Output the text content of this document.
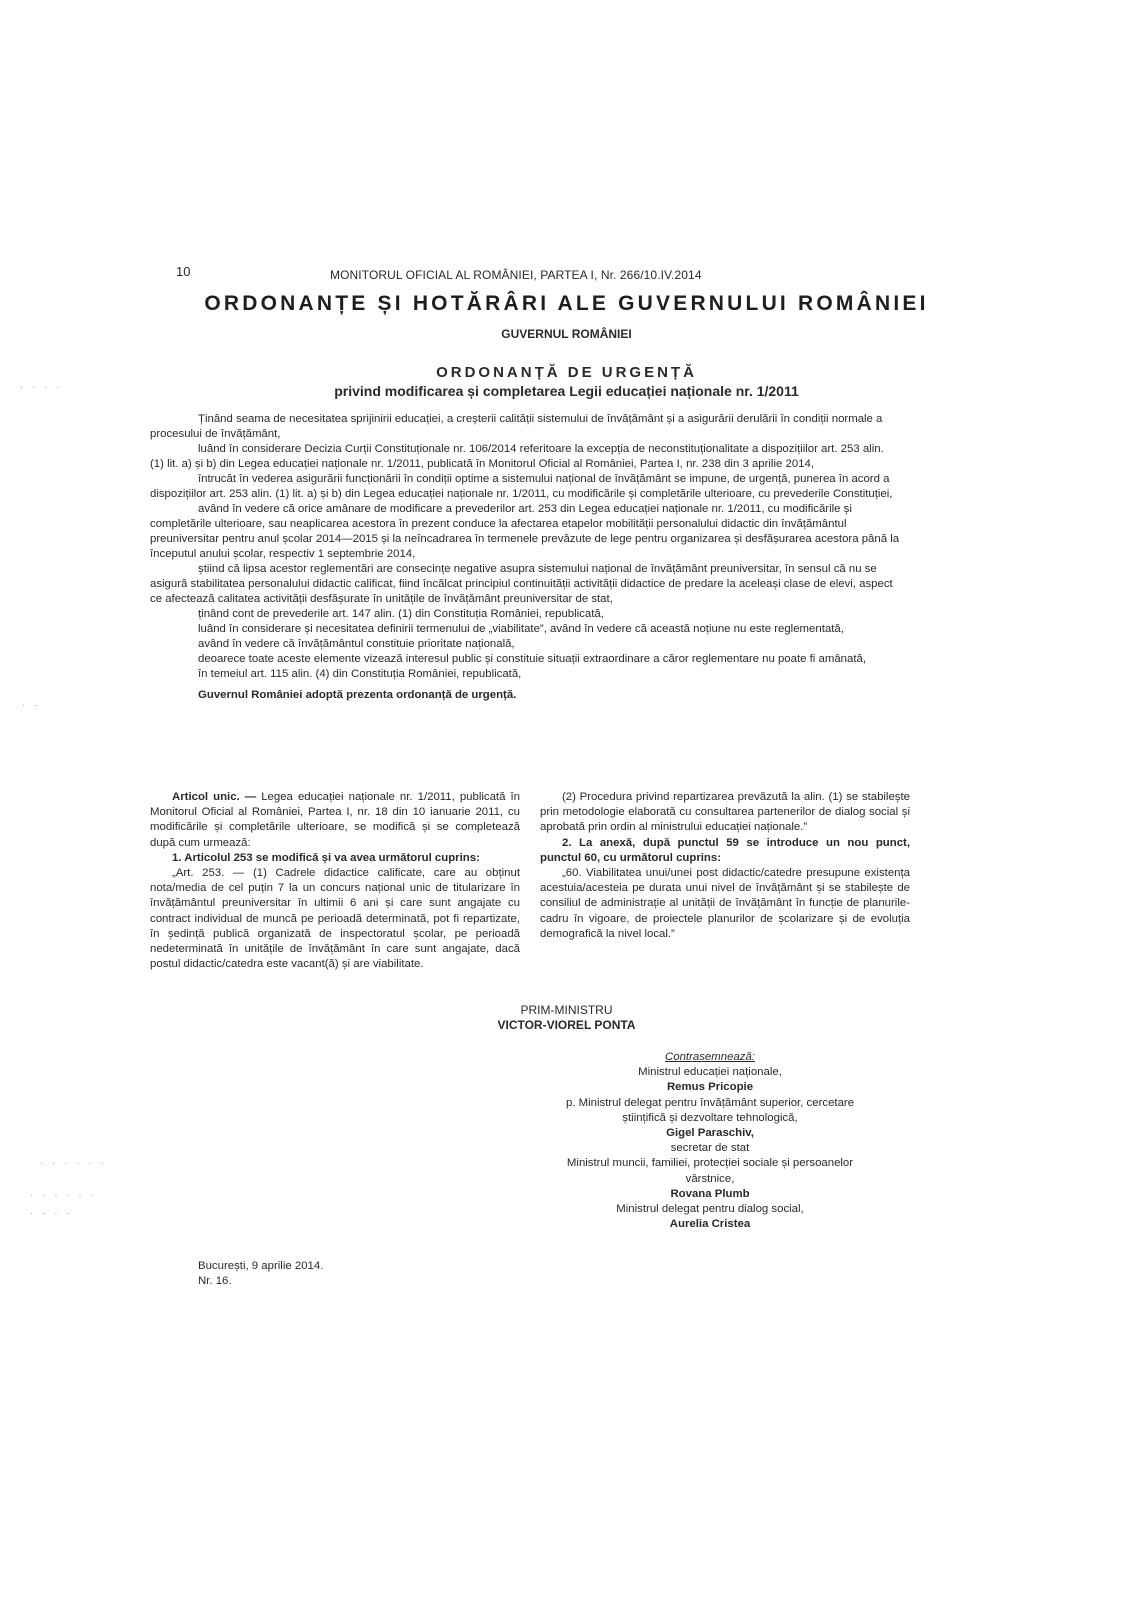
10	MONITORUL OFICIAL AL ROMÂNIEI, PARTEA I, Nr. 266/10.IV.2014
ORDONANȚE ȘI HOTĂRÂRI ALE GUVERNULUI ROMÂNIEI
GUVERNUL ROMÂNIEI
ORDONANȚĂ DE URGENȚĂ
privind modificarea și completarea Legii educației naționale nr. 1/2011

Ținând seama de necesitatea sprijinirii educației, a creșterii calității sistemului de învățământ și a asigurării derulării în condiții normale a procesului de învățământ,

luând în considerare Decizia Curții Constituționale nr. 106/2014 referitoare la excepția de neconstituționalitate a dispozițiilor art. 253 alin. (1) lit. a) și b) din Legea educației naționale nr. 1/2011, publicată în Monitorul Oficial al României, Partea I, nr. 238 din 3 aprilie 2014,

întrucât în vederea asigurării funcționării în condiții optime a sistemului național de învățământ se impune, de urgență, punerea în acord a dispozițiilor art. 253 alin. (1) lit. a) și b) din Legea educației naționale nr. 1/2011, cu modificările și completările ulterioare, cu prevederile Constituției,

având în vedere că orice amânare de modificare a prevederilor art. 253 din Legea educației naționale nr. 1/2011, cu modificările și completările ulterioare, sau neaplicarea acestora în prezent conduce la afectarea etapelor mobilității personalului didactic din învățământul preuniversitar pentru anul școlar 2014—2015 și la neîncadrarea în termenele prevăzute de lege pentru organizarea și desfășurarea acestora până la începutul anului școlar, respectiv 1 septembrie 2014,

știind că lipsa acestor reglementări are consecințe negative asupra sistemului național de învățământ preuniversitar, în sensul că nu se asigură stabilitatea personalului didactic calificat, fiind încălcat principiul continuității activității didactice de predare la aceleași clase de elevi, aspect ce afectează calitatea activității desfășurate în unitățile de învățământ preuniversitar de stat,

ținând cont de prevederile art. 147 alin. (1) din Constituția României, republicată,

luând în considerare și necesitatea definirii termenului de „viabilitate”, având în vedere că această noțiune nu este reglementată,

având în vedere că învățământul constituie prioritate națională,

deoarece toate aceste elemente vizează interesul public și constituie situații extraordinare a căror reglementare nu poate fi amânată,

în temeiul art. 115 alin. (4) din Constituția României, republicată,

Guvernul României adoptă prezenta ordonanță de urgență.

Articol unic. — Legea educației naționale nr. 1/2011, publicată în Monitorul Oficial al României, Partea I, nr. 18 din 10 ianuarie 2011, cu modificările și completările ulterioare, se modifică și se completează după cum urmează:

1. Articolul 253 se modifică și va avea următorul cuprins:

„Art. 253. — (1) Cadrele didactice calificate, care au obținut nota/media de cel puțin 7 la un concurs național unic de titularizare în învățământul preuniversitar în ultimii 6 ani și care sunt angajate cu contract individual de muncă pe perioadă determinată, pot fi repartizate, în ședință publică organizată de inspectoratul școlar, pe perioadă nedeterminată în unitățile de învățământ în care sunt angajate, dacă postul didactic/catedra este vacant(ă) și are viabilitate.

(2) Procedura privind repartizarea prevăzută la alin. (1) se stabilește prin metodologie elaborată cu consultarea partenerilor de dialog social și aprobată prin ordin al ministrului educației naționale.”

2. La anexă, după punctul 59 se introduce un nou punct, punctul 60, cu următorul cuprins:

„60. Viabilitatea unui/unei post didactic/catedre presupune existența acestuia/acesteia pe durata unui nivel de învățământ și se stabilește de consiliul de administrație al unității de învățământ în funcție de planurile-cadru în vigoare, de proiectele planurilor de școlarizare și de evoluția demografică la nivel local.”

PRIM-MINISTRU
VICTOR-VIOREL PONTA
Contrasemnează:
Ministrul educației naționale,
Remus Pricopie
p. Ministrul delegat pentru învățământ superior, cercetare științifică și dezvoltare tehnologică,
Gigel Paraschiv,
secretar de stat
Ministrul muncii, familiei, protecției sociale și persoanelor vârstnice,
Rovana Plumb
Ministrul delegat pentru dialog social,
Aurelia Cristea
București, 9 aprilie 2014.
Nr. 16.
· · · ·
· ·
· · · · · ·
· · · · · ·
· · · ·
